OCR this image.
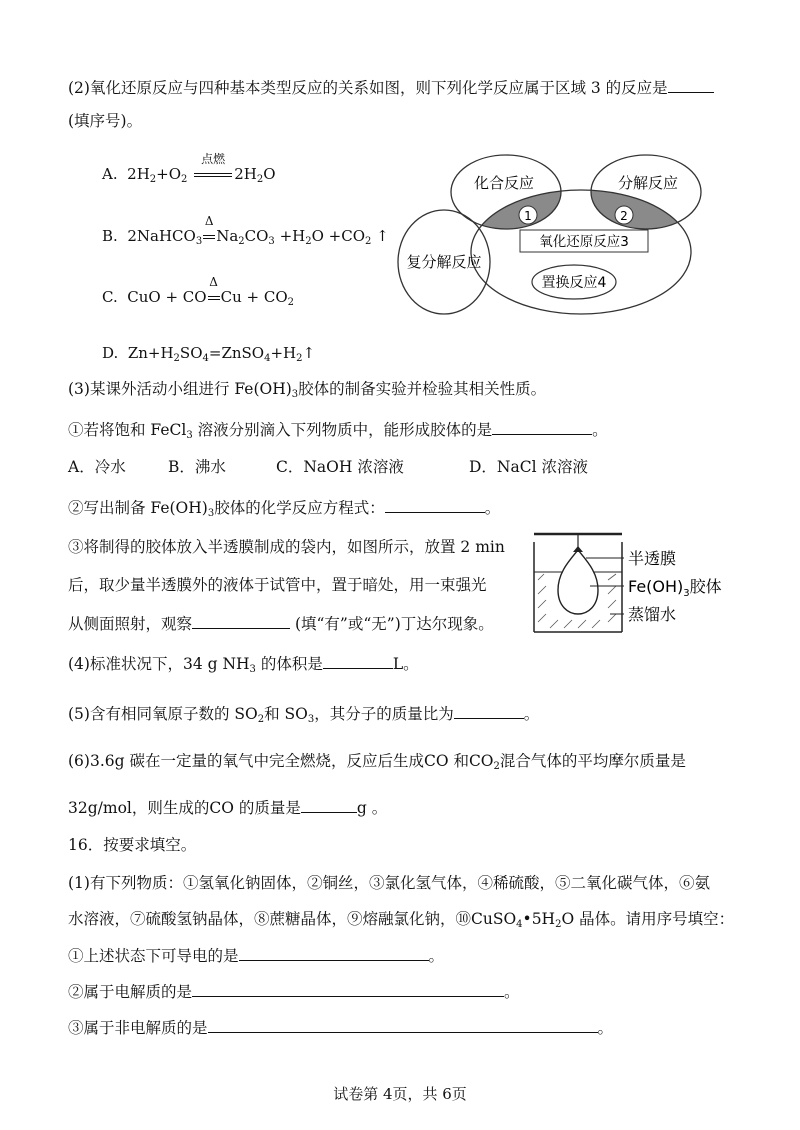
(2)氧化还原反应与四种基本类型反应的关系如图，则下列化学反应属于区域 3 的反应是
(填序号)。
A. $2H_2+O_2$
点燃
$2H_2O$
B. 2NaHCO$_3$
Δ
$Na_2CO_3 +H_2O +CO_2$ ↑
C. CuO + CO
Δ
$Cu + CO_2$
D. $Zn+H_2SO_4=ZnSO_4+H_2↑$
1	2
化合反应	分解反应
复分解反应
氧化还原反应3
置换反应4
(3)某课外活动小组进行 $Fe(OH)_3$胶体的制备实验并检验其相关性质。
①若将饱和 FeCl$_3$ 溶液分别滴入下列物质中，能形成胶体的是	。
A．冷水	B．沸水	C．NaOH 浓溶液	D．NaCl 浓溶液
②写出制备 $Fe(OH)_3$胶体的化学反应方程式：	。
③将制得的胶体放入半透膜制成的袋内，如图所示，放置 2 min
后，取少量半透膜外的液体于试管中，置于暗处，用一束强光
从侧面照射，观察	(填“有”或“无”)丁达尔现象。
半透膜
$Fe(OH)_3$胶体
蒸馏水
(4)标准状况下，34 g $NH_3$ 的体积是	L。
(5)含有相同氧原子数的 $SO_2$和 $SO_3$，其分子的质量比为	。
(6)3.6g 碳在一定量的氧气中完全燃烧，反应后生成CO 和$CO_2$混合气体的平均摩尔质量是
32g/mol，则生成的CO 的质量是	g 。
16．按要求填空。
(1)有下列物质：①氢氧化钠固体，②铜丝，③氯化氢气体，④稀硫酸，⑤二氧化碳气体，⑥氨
水溶液，⑦硫酸氢钠晶体，⑧蔗糖晶体，⑨熔融氯化钠，$⑩CuSO_4•5H_2O$ 晶体。请用序号填空：
①上述状态下可导电的是	。
②属于电解质的是	。
③属于非电解质的是	。
试卷第 4页，共 6页
